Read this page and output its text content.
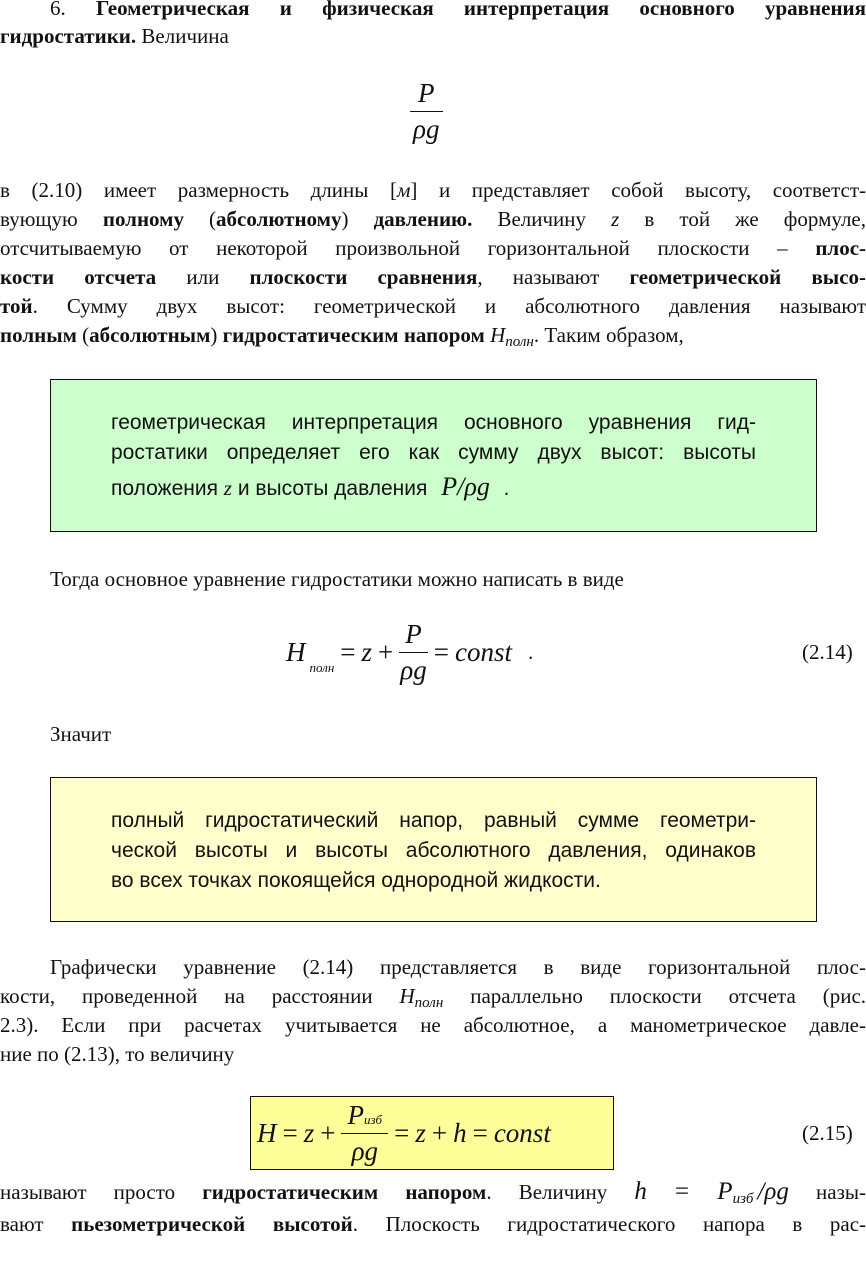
6. Геометрическая и физическая интерпретация основного уравнения
гидростатики. Величина
$\frac{P}{\rho g}$
в (2.10) имеет размерность длины [м] и представляет собой высоту, соответст-
вующую полному (абсолютному) давлению. Величину z в той же формуле,
отсчитываемую от некоторой произвольной горизонтальной плоскости – плос-
кости отсчета или плоскости сравнения, называют геометрической высо-
той. Сумму двух высот: геометрической и абсолютного давления называют
полным (абсолютным) гидростатическим напором $H_{полн}$. Таким образом,
геометрическая интерпретация основного уравнения гид-
ростатики определяет его как сумму двух высот: высоты
положения z и высоты давления P/ρg .
Тогда основное уравнение гидростатики можно написать в виде
H
полн
= $z + \frac{P}{\rho g}$ = const .	(2.14)
Значит
полный гидростатический напор, равный сумме геометри-
ческой высоты и высоты абсолютного давления, одинаков
во всех точках покоящейся однородной жидкости.
Графически уравнение (2.14) представляется в виде горизонтальной плос-
кости, проведенной на расстоянии $H_{полн}$ параллельно плоскости отсчета (рис.
2.3). Если при расчетах учитывается не абсолютное, а манометрическое давле-
ние по (2.13), то величину
$H = z + \frac{\text{Pизб}}{\rho g} = z + h$ = const	(2.15)
называют просто гидростатическим напором. Величину $h = P_{изб}$ /ρg назы-
вают пьезометрической высотой. Плоскость гидростатического напора в рас-
